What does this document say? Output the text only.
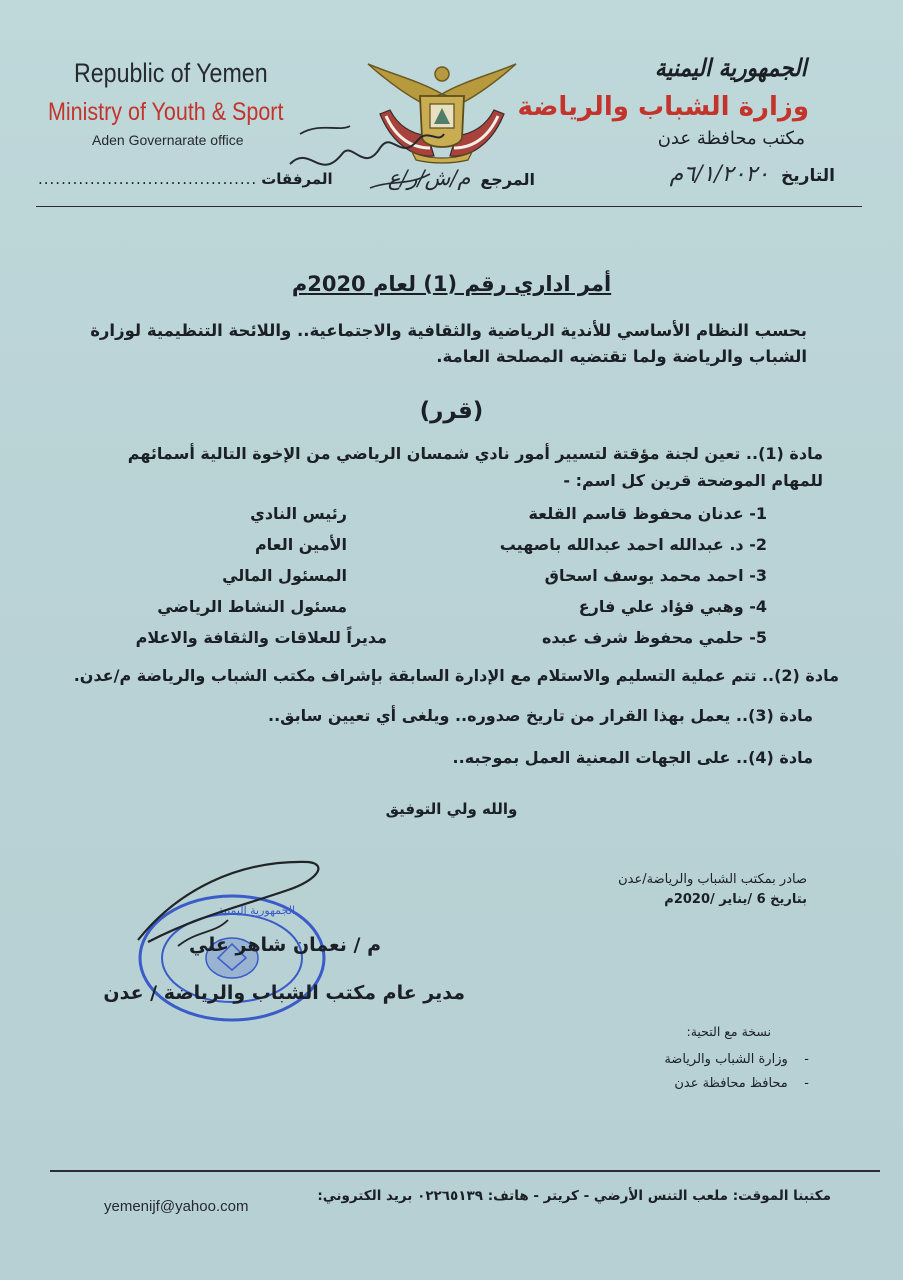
Republic of Yemen
Ministry of Youth & Sport
Aden Governarate office
الجمهورية اليمنية
وزارة الشباب والرياضة
مكتب محافظة عدن
التاريخ
٦/١/٢٠٢٠م
المرجع
م/ش/ر/ع
المرفقات
......................................
أمر اداري رقم (1) لعام 2020م
بحسب النظام الأساسي للأندية الرياضية والثقافية والاجتماعية.. واللائحة التنظيمية لوزارة
الشباب والرياضة ولما تقتضيه المصلحة العامة.
(قرر)
مادة (1).. تعين لجنة مؤقتة لتسيير أمور نادي شمسان الرياضي من الإخوة التالية أسمائهم
للمهام الموضحة قرين كل اسم: -
1- عدنان محفوظ قاسم القلعة
رئيس النادي
2- د. عبدالله احمد عبدالله باصهيب
الأمين العام
3- احمد محمد يوسف اسحاق
المسئول المالي
4- وهبي فؤاد علي فارع
مسئول النشاط الرياضي
5- حلمي محفوظ شرف عبده
مديراً للعلاقات والثقافة والاعلام
مادة (2).. تتم عملية التسليم والاستلام مع الإدارة السابقة بإشراف مكتب الشباب والرياضة م/عدن.
مادة (3).. يعمل بهذا القرار من تاريخ صدوره.. ويلغى أي تعيين سابق..
مادة (4).. على الجهات المعنية العمل بموجبه..
والله ولي التوفيق
صادر بمكتب الشباب والرياضة/عدن
بتاريخ 6 /يناير /2020م
الجمهورية اليمنية
م / نعمان شاهر علي
مدير عام مكتب الشباب والرياضة / عدن
نسخة مع التحية:
-    وزارة الشباب والرياضة
-    محافظ محافظة عدن
مكتبنا الموقت: ملعب التنس الأرضي - كريتر - هاتف: ٠٢٢٦٥١٣٩ بريد الكتروني:
yemenijf@yahoo.com
